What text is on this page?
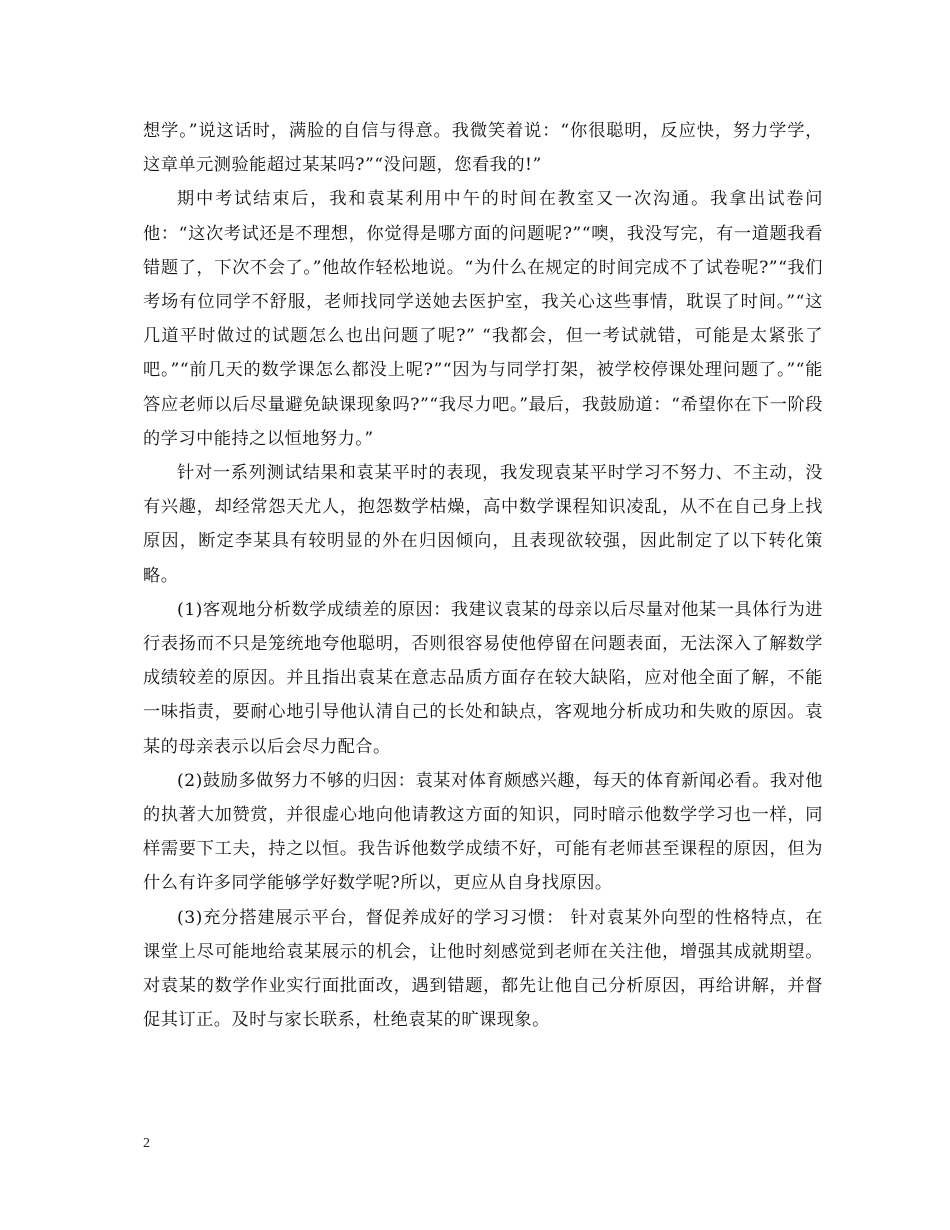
想学。”说这话时，满脸的自信与得意。我微笑着说：“你很聪明，反应快，努力学学，这章单元测验能超过某某吗?”“没问题，您看我的!”

期中考试结束后，我和袁某利用中午的时间在教室又一次沟通。我拿出试卷问他：“这次考试还是不理想，你觉得是哪方面的问题呢?”“噢，我没写完，有一道题我看错题了，下次不会了。”他故作轻松地说。“为什么在规定的时间完成不了试卷呢?”“我们考场有位同学不舒服，老师找同学送她去医护室，我关心这些事情，耽误了时间。”“这几道平时做过的试题怎么也出问题了呢?” “我都会，但一考试就错，可能是太紧张了吧。”“前几天的数学课怎么都没上呢?”“因为与同学打架，被学校停课处理问题了。”“能答应老师以后尽量避免缺课现象吗?”“我尽力吧。”最后，我鼓励道：“希望你在下一阶段的学习中能持之以恒地努力。”

针对一系列测试结果和袁某平时的表现，我发现袁某平时学习不努力、不主动，没有兴趣，却经常怨天尤人，抱怨数学枯燥，高中数学课程知识凌乱，从不在自己身上找原因，断定李某具有较明显的外在归因倾向，且表现欲较强，因此制定了以下转化策略。

(1)客观地分析数学成绩差的原因：我建议袁某的母亲以后尽量对他某一具体行为进行表扬而不只是笼统地夸他聪明，否则很容易使他停留在问题表面，无法深入了解数学成绩较差的原因。并且指出袁某在意志品质方面存在较大缺陷，应对他全面了解，不能一味指责，要耐心地引导他认清自己的长处和缺点，客观地分析成功和失败的原因。袁某的母亲表示以后会尽力配合。

(2)鼓励多做努力不够的归因：袁某对体育颇感兴趣，每天的体育新闻必看。我对他的执著大加赞赏，并很虚心地向他请教这方面的知识，同时暗示他数学学习也一样，同样需要下工夫，持之以恒。我告诉他数学成绩不好，可能有老师甚至课程的原因，但为什么有许多同学能够学好数学呢?所以，更应从自身找原因。

(3)充分搭建展示平台，督促养成好的学习习惯： 针对袁某外向型的性格特点，在课堂上尽可能地给袁某展示的机会，让他时刻感觉到老师在关注他，增强其成就期望。对袁某的数学作业实行面批面改，遇到错题，都先让他自己分析原因，再给讲解，并督促其订正。及时与家长联系，杜绝袁某的旷课现象。

2
